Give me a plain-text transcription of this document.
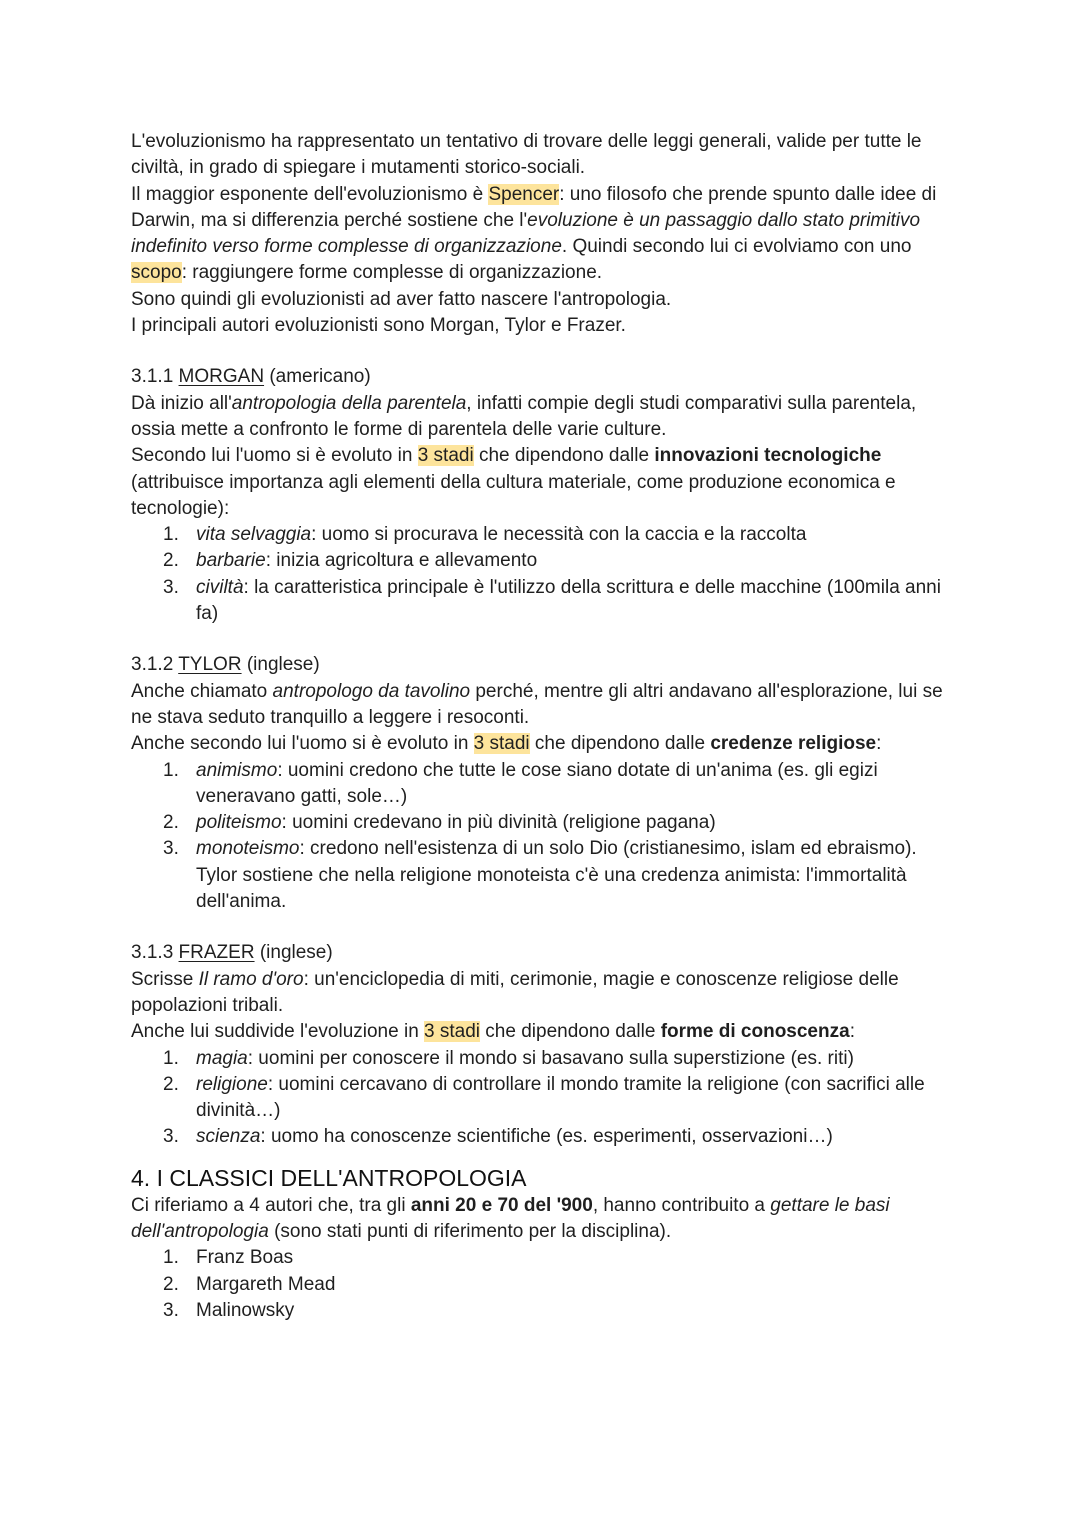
L'evoluzionismo ha rappresentato un tentativo di trovare delle leggi generali, valide per tutte le civiltà, in grado di spiegare i mutamenti storico-sociali.

Il maggior esponente dell'evoluzionismo è Spencer: uno filosofo che prende spunto dalle idee di Darwin, ma si differenzia perché sostiene che l'evoluzione è un passaggio dallo stato primitivo indefinito verso forme complesse di organizzazione. Quindi secondo lui ci evolviamo con uno scopo: raggiungere forme complesse di organizzazione.

Sono quindi gli evoluzionisti ad aver fatto nascere l'antropologia.

I principali autori evoluzionisti sono Morgan, Tylor e Frazer.

3.1.1 MORGAN (americano)

Dà inizio all'antropologia della parentela, infatti compie degli studi comparativi sulla parentela, ossia mette a confronto le forme di parentela delle varie culture.

Secondo lui l'uomo si è evoluto in 3 stadi che dipendono dalle innovazioni tecnologiche (attribuisce importanza agli elementi della cultura materiale, come produzione economica e tecnologie):

1. vita selvaggia: uomo si procurava le necessità con la caccia e la raccolta
2. barbarie: inizia agricoltura e allevamento
3. civiltà: la caratteristica principale è l'utilizzo della scrittura e delle macchine (100mila anni fa)

3.1.2 TYLOR (inglese)

Anche chiamato antropologo da tavolino perché, mentre gli altri andavano all'esplorazione, lui se ne stava seduto tranquillo a leggere i resoconti.

Anche secondo lui l'uomo si è evoluto in 3 stadi che dipendono dalle credenze religiose:

1. animismo: uomini credono che tutte le cose siano dotate di un'anima (es. gli egizi veneravano gatti, sole…)
2. politeismo: uomini credevano in più divinità (religione pagana)
3. monoteismo: credono nell'esistenza di un solo Dio (cristianesimo, islam ed ebraismo).
Tylor sostiene che nella religione monoteista c'è una credenza animista: l'immortalità dell'anima.

3.1.3 FRAZER (inglese)

Scrisse Il ramo d'oro: un'enciclopedia di miti, cerimonie, magie e conoscenze religiose delle popolazioni tribali.

Anche lui suddivide l'evoluzione in 3 stadi che dipendono dalle forme di conoscenza:

1. magia: uomini per conoscere il mondo si basavano sulla superstizione (es. riti)
2. religione: uomini cercavano di controllare il mondo tramite la religione (con sacrifici alle divinità…)
3. scienza: uomo ha conoscenze scientifiche (es. esperimenti, osservazioni…)

4. I CLASSICI DELL'ANTROPOLOGIA

Ci riferiamo a 4 autori che, tra gli anni 20 e 70 del '900, hanno contribuito a gettare le basi dell'antropologia (sono stati punti di riferimento per la disciplina).

1. Franz Boas
2. Margareth Mead
3. Malinowsky
